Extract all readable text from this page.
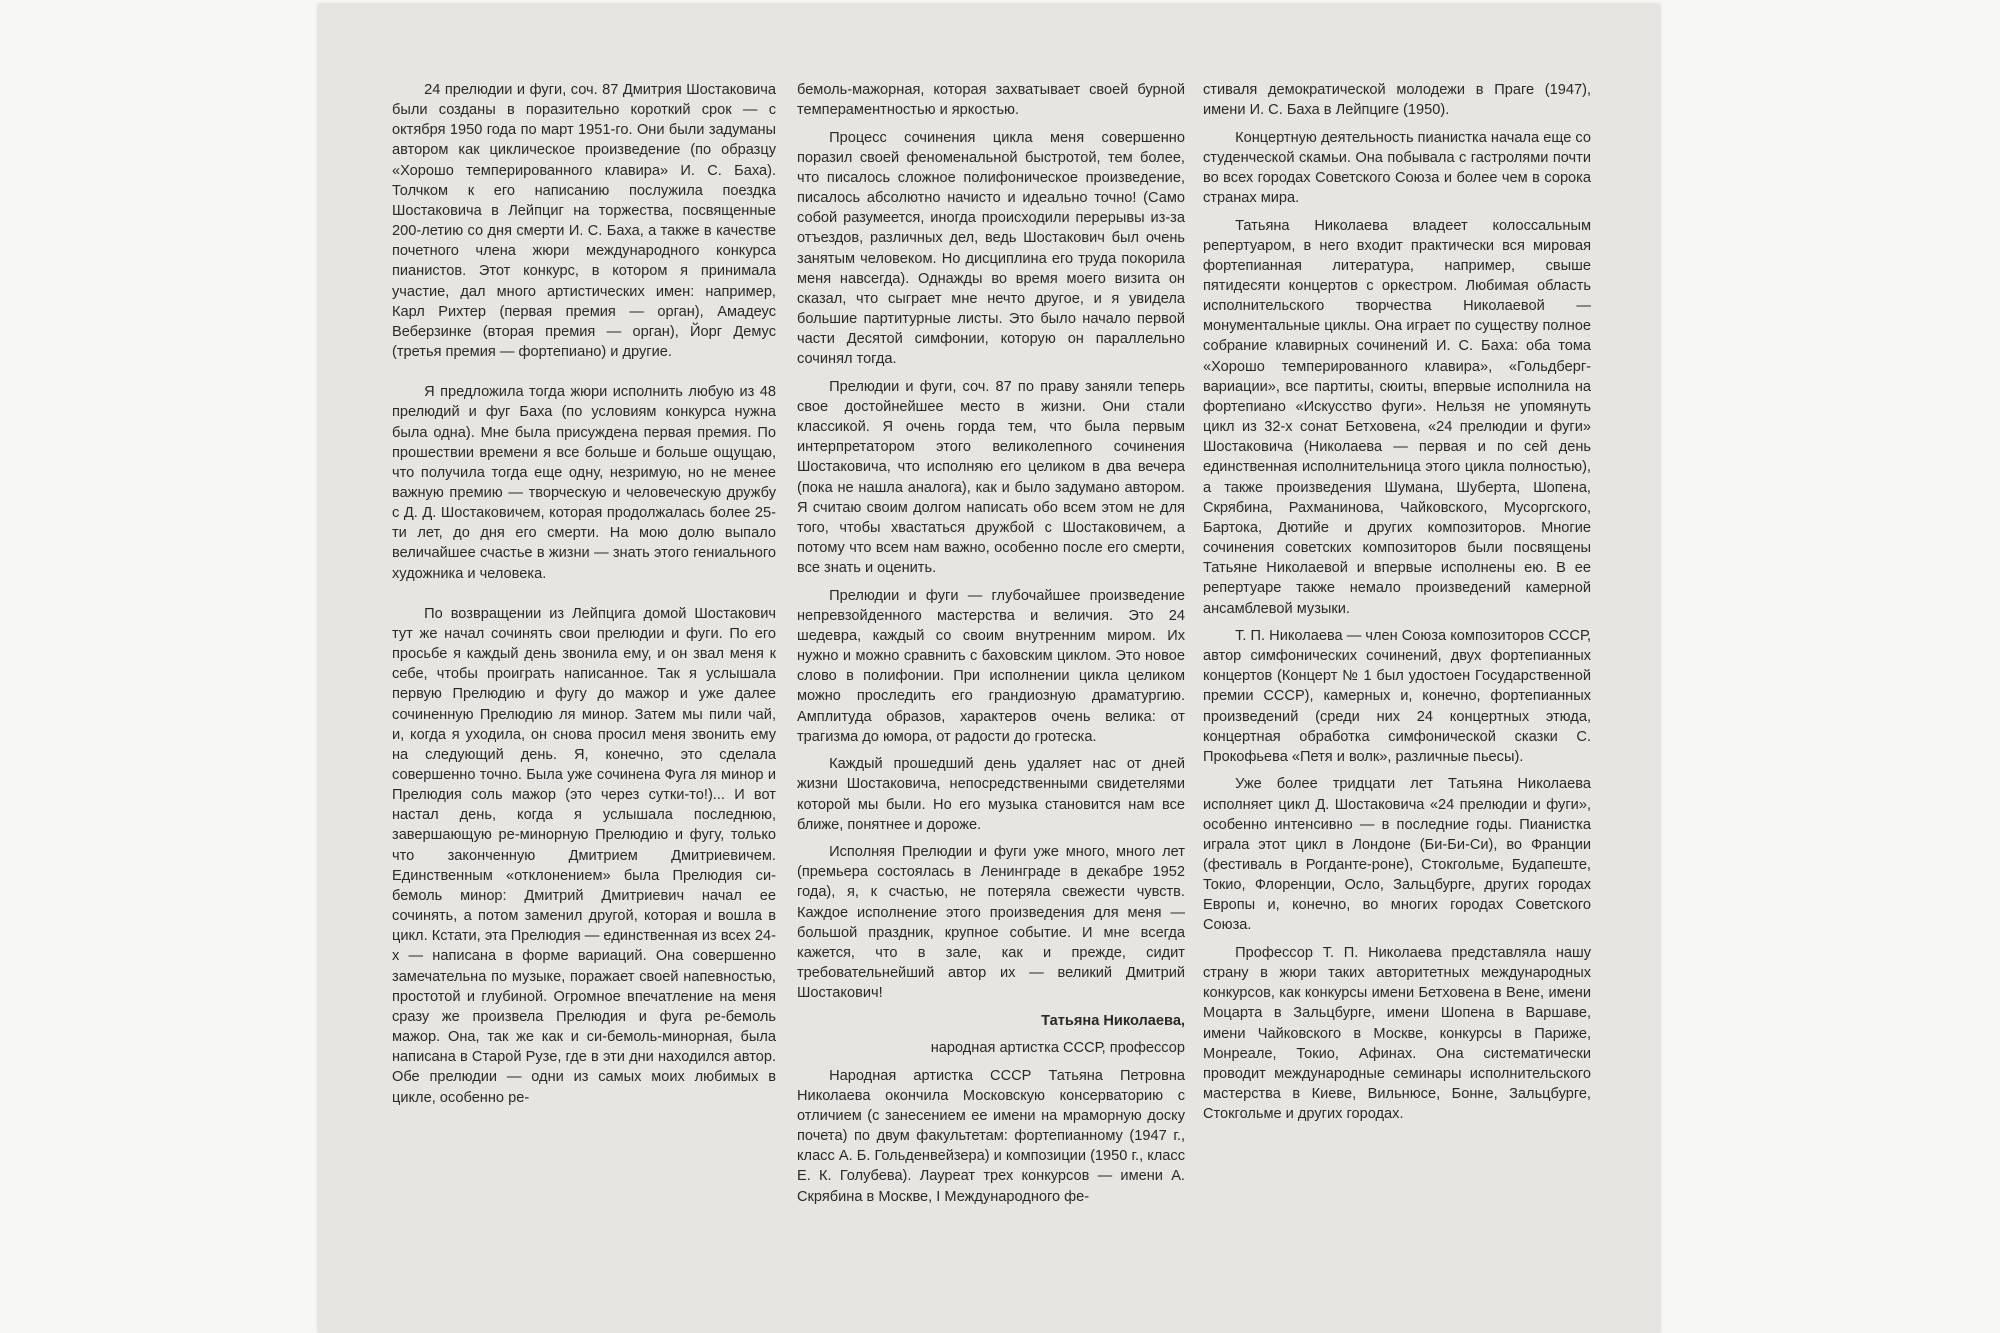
24 прелюдии и фуги, соч. 87 Дмитрия Шостаковича были созданы в поразительно короткий срок — с октября 1950 года по март 1951-го. Они были задуманы автором как циклическое произведение (по образцу «Хорошо темперированного клавира» И. С. Баха). Толчком к его написанию послужила поездка Шостаковича в Лейпциг на торжества, посвященные 200-летию со дня смерти И. С. Баха, а также в качестве почетного члена жюри международного конкурса пианистов. Этот конкурс, в котором я принимала участие, дал много артистических имен: например, Карл Рихтер (первая премия — орган), Амадеус Веберзинке (вторая премия — орган), Йорг Демус (третья премия — фортепиано) и другие.

Я предложила тогда жюри исполнить любую из 48 прелюдий и фуг Баха (по условиям конкурса нужна была одна). Мне была присуждена первая премия. По прошествии времени я все больше и больше ощущаю, что получила тогда еще одну, незримую, но не менее важную премию — творческую и человеческую дружбу с Д. Д. Шостаковичем, которая продолжалась более 25-ти лет, до дня его смерти. На мою долю выпало величайшее счастье в жизни — знать этого гениального художника и человека.

По возвращении из Лейпцига домой Шостакович тут же начал сочинять свои прелюдии и фуги. По его просьбе я каждый день звонила ему, и он звал меня к себе, чтобы проиграть написанное. Так я услышала первую Прелюдию и фугу до мажор и уже далее сочиненную Прелюдию ля минор. Затем мы пили чай, и, когда я уходила, он снова просил меня звонить ему на следующий день. Я, конечно, это сделала совершенно точно. Была уже сочинена Фуга ля минор и Прелюдия соль мажор (это через сутки-то!)... И вот настал день, когда я услышала последнюю, завершающую ре-минорную Прелюдию и фугу, только что законченную Дмитрием Дмитриевичем. Единственным «отклонением» была Прелюдия си-бемоль минор: Дмитрий Дмитриевич начал ее сочинять, а потом заменил другой, которая и вошла в цикл. Кстати, эта Прелюдия — единственная из всех 24-х — написана в форме вариаций. Она совершенно замечательна по музыке, поражает своей напевностью, простотой и глубиной. Огромное впечатление на меня сразу же произвела Прелюдия и фуга ре-бемоль мажор. Она, так же как и си-бемоль-минорная, была написана в Старой Рузе, где в эти дни находился автор. Обе прелюдии — одни из самых моих любимых в цикле, особенно ре-

бемоль-мажорная, которая захватывает своей бурной темпераментностью и яркостью.

Процесс сочинения цикла меня совершенно поразил своей феноменальной быстротой, тем более, что писалось сложное полифоническое произведение, писалось абсолютно начисто и идеально точно! (Само собой разумеется, иногда происходили перерывы из-за отъездов, различных дел, ведь Шостакович был очень занятым человеком. Но дисциплина его труда покорила меня навсегда). Однажды во время моего визита он сказал, что сыграет мне нечто другое, и я увидела большие партитурные листы. Это было начало первой части Десятой симфонии, которую он параллельно сочинял тогда.

Прелюдии и фуги, соч. 87 по праву заняли теперь свое достойнейшее место в жизни. Они стали классикой. Я очень горда тем, что была первым интерпретатором этого великолепного сочинения Шостаковича, что исполняю его целиком в два вечера (пока не нашла аналога), как и было задумано автором. Я считаю своим долгом написать обо всем этом не для того, чтобы хвастаться дружбой с Шостаковичем, а потому что всем нам важно, особенно после его смерти, все знать и оценить.

Прелюдии и фуги — глубочайшее произведение непревзойденного мастерства и величия. Это 24 шедевра, каждый со своим внутренним миром. Их нужно и можно сравнить с баховским циклом. Это новое слово в полифонии. При исполнении цикла целиком можно проследить его грандиозную драматургию. Амплитуда образов, характеров очень велика: от трагизма до юмора, от радости до гротеска.

Каждый прошедший день удаляет нас от дней жизни Шостаковича, непосредственными свидетелями которой мы были. Но его музыка становится нам все ближе, понятнее и дороже.

Исполняя Прелюдии и фуги уже много, много лет (премьера состоялась в Ленинграде в декабре 1952 года), я, к счастью, не потеряла свежести чувств. Каждое исполнение этого произведения для меня — большой праздник, крупное событие. И мне всегда кажется, что в зале, как и прежде, сидит требовательнейший автор их — великий Дмитрий Шостакович!

Татьяна Николаева,

народная артистка СССР, профессор

Народная артистка СССР Татьяна Петровна Николаева окончила Московскую консерваторию с отличием (с занесением ее имени на мраморную доску почета) по двум факультетам: фортепианному (1947 г., класс А. Б. Гольденвейзера) и композиции (1950 г., класс Е. К. Голубева). Лауреат трех конкурсов — имени А. Скрябина в Москве, I Международного фе-

стиваля демократической молодежи в Праге (1947), имени И. С. Баха в Лейпциге (1950).

Концертную деятельность пианистка начала еще со студенческой скамьи. Она побывала с гастролями почти во всех городах Советского Союза и более чем в сорока странах мира.

Татьяна Николаева владеет колоссальным репертуаром, в него входит практически вся мировая фортепианная литература, например, свыше пятидесяти концертов с оркестром. Любимая область исполнительского творчества Николаевой — монументальные циклы. Она играет по существу полное собрание клавирных сочинений И. С. Баха: оба тома «Хорошо темперированного клавира», «Гольдберг-вариации», все партиты, сюиты, впервые исполнила на фортепиано «Искусство фуги». Нельзя не упомянуть цикл из 32-х сонат Бетховена, «24 прелюдии и фуги» Шостаковича (Николаева — первая и по сей день единственная исполнительница этого цикла полностью), а также произведения Шумана, Шуберта, Шопена, Скрябина, Рахманинова, Чайковского, Мусоргского, Бартока, Дютийе и других композиторов. Многие сочинения советских композиторов были посвящены Татьяне Николаевой и впервые исполнены ею. В ее репертуаре также немало произведений камерной ансамблевой музыки.

Т. П. Николаева — член Союза композиторов СССР, автор симфонических сочинений, двух фортепианных концертов (Концерт № 1 был удостоен Государственной премии СССР), камерных и, конечно, фортепианных произведений (среди них 24 концертных этюда, концертная обработка симфонической сказки С. Прокофьева «Петя и волк», различные пьесы).

Уже более тридцати лет Татьяна Николаева исполняет цикл Д. Шостаковича «24 прелюдии и фуги», особенно интенсивно — в последние годы. Пианистка играла этот цикл в Лондоне (Би-Би-Си), во Франции (фестиваль в Рогданте-роне), Стокгольме, Будапеште, Токио, Флоренции, Осло, Зальцбурге, других городах Европы и, конечно, во многих городах Советского Союза.

Профессор Т. П. Николаева представляла нашу страну в жюри таких авторитетных международных конкурсов, как конкурсы имени Бетховена в Вене, имени Моцарта в Зальцбурге, имени Шопена в Варшаве, имени Чайковского в Москве, конкурсы в Париже, Монреале, Токио, Афинах. Она систематически проводит международные семинары исполнительского мастерства в Киеве, Вильнюсе, Бонне, Зальцбурге, Стокгольме и других городах.
